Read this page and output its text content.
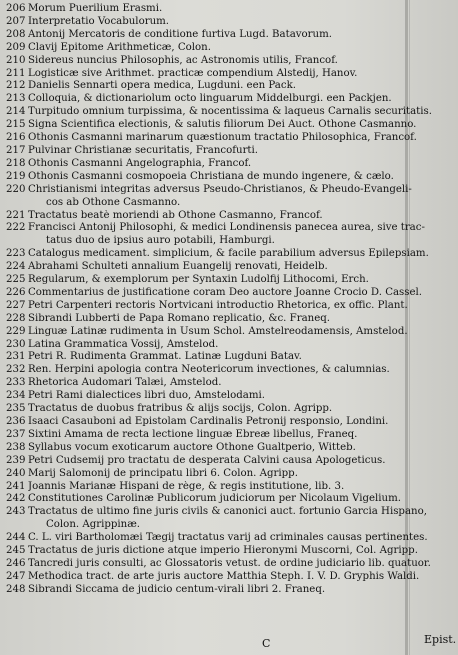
206 Morum Puerilium Erasmi.
207 Interpretatio Vocabulorum.
208 Antonij Mercatoris de conditione furtiva Lugd. Batavorum.
209 Clavij Epitome Arithmeticæ, Colon.
210 Sidereus nuncius Philosophis, ac Astronomis utilis, Francof.
211 Logisticæ sive Arithmet. practicæ compendium Alstedij, Hanov.
212 Danielis Sennarti opera medica, Lugduni. een Pack.
213 Colloquia, & dictionariolum octo linguarum Middelburgi. een Packjen.
214 Turpitudo omnium turpissima, & nocentissima & laqueus Carnalis securitatis.
215 Signa Scientifica electionis, & salutis filiorum Dei Auct. Othone Casmanno.
216 Othonis Casmanni marinarum quæstionum tractatio Philosophica, Francof.
217 Pulvinar Christianæ securitatis, Francofurti.
218 Othonis Casmanni Angelographia, Francof.
219 Othonis Casmanni cosmopoeia Christiana de mundo ingenere, & cælo.
220 Christianismi integritas adversus Pseudo-Christianos, & Pheudo-Evangeli-
cos ab Othone Casmanno.
221 Tractatus beatè moriendi ab Othone Casmanno, Francof.
222 Francisci Antonij Philosophi, & medici Londinensis panecea aurea, sive trac-
tatus duo de ipsius auro potabili, Hamburgi.
223 Catalogus medicament. simplicium, & facile parabilium adversus Epilepsiam.
224 Abrahami Schulteti annalium Euangelij renovati, Heidelb.
225 Regularum, & exemplorum per Syntaxin Ludolfij Lithocomi, Erch.
226 Commentarius de justificatione coram Deo auctore Joanne Crocio D. Cassel.
227 Petri Carpenteri rectoris Nortvicani introductio Rhetorica, ex offic. Plant.
228 Sibrandi Lubberti de Papa Romano replicatio, &c. Franeq.
229 Linguæ Latinæ rudimenta in Usum Schol. Amstelreodamensis, Amstelod.
230 Latina Grammatica Vossij, Amstelod.
231 Petri R. Rudimenta Grammat. Latinæ Lugduni Batav.
232 Ren. Herpini apologia contra Neotericorum invectiones, & calumnias.
233 Rhetorica Audomari Talæi, Amstelod.
234 Petri Rami dialectices libri duo, Amstelodami.
235 Tractatus de duobus fratribus & alijs socijs, Colon. Agripp.
236 Isaaci Casauboni ad Epistolam Cardinalis Petronij responsio, Londini.
237 Sixtini Amama de recta lectione linguæ Ebreæ libellus, Franeq.
238 Syllabus vocum exoticarum auctore Othone Gualtperio, Witteb.
239 Petri Cudsemij pro tractatu de desperata Calvini causa Apologeticus.
240 Marij Salomonij de principatu libri 6. Colon. Agripp.
241 Joannis Marianæ Hispani de rège, & regis institutione, lib. 3.
242 Constitutiones Carolinæ Publicorum judiciorum per Nicolaum Vigelium.
243 Tractatus de ultimo fine juris civils & canonici auct. fortunio Garcia Hispano,
Colon. Agrippinæ.
244 C. L. viri Bartholomæi Tægij tractatus varij ad criminales causas pertinentes.
245 Tractatus de juris dictione atque imperio Hieronymi Muscorni, Col. Agripp.
246 Tancredi juris consulti, ac Glossatoris vetust. de ordine judiciario lib. quatuor.
247 Methodica tract. de arte juris auctore Matthia Steph. I. V. D. Gryphis Waldi.
248 Sibrandi Siccama de judicio centum-virali libri 2. Franeq.
C	Epist.
